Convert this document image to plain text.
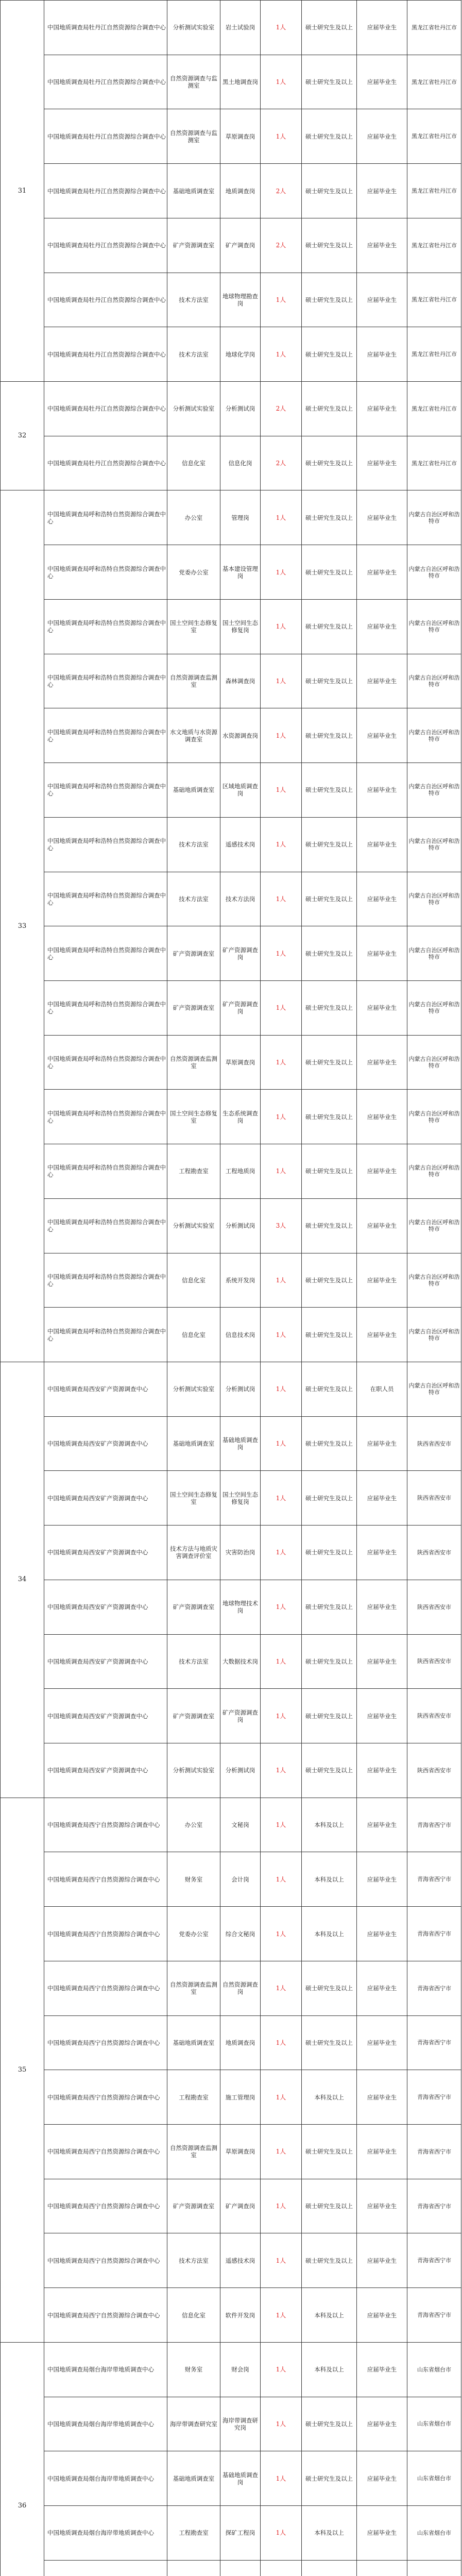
31	中国地质调查局牡丹江自然资源综合调查中心	分析测试实验室	岩土试验岗	1人	硕士研究生及以上	应届毕业生	黑龙江省牡丹江市
	中国地质调查局牡丹江自然资源综合调查中心	自然资源调查与监测室	黑土地调查岗	1人	硕士研究生及以上	应届毕业生	黑龙江省牡丹江市
	中国地质调查局牡丹江自然资源综合调查中心	自然资源调查与监测室	草原调查岗	1人	硕士研究生及以上	应届毕业生	黑龙江省牡丹江市
	中国地质调查局牡丹江自然资源综合调查中心	基础地质调查室	地质调查岗	2人	硕士研究生及以上	应届毕业生	黑龙江省牡丹江市
	中国地质调查局牡丹江自然资源综合调查中心	矿产资源调查室	矿产调查岗	2人	硕士研究生及以上	应届毕业生	黑龙江省牡丹江市
	中国地质调查局牡丹江自然资源综合调查中心	技术方法室	地球物理勘查岗	1人	硕士研究生及以上	应届毕业生	黑龙江省牡丹江市
	中国地质调查局牡丹江自然资源综合调查中心	技术方法室	地球化学岗	1人	硕士研究生及以上	应届毕业生	黑龙江省牡丹江市
32	中国地质调查局牡丹江自然资源综合调查中心	分析测试实验室	分析测试岗	2人	硕士研究生及以上	应届毕业生	黑龙江省牡丹江市
	中国地质调查局牡丹江自然资源综合调查中心	信息化室	信息化岗	2人	硕士研究生及以上	应届毕业生	黑龙江省牡丹江市
33	中国地质调查局呼和浩特自然资源综合调查中心	办公室	管理岗	1人	硕士研究生及以上	应届毕业生	内蒙古自治区呼和浩特市
	中国地质调查局呼和浩特自然资源综合调查中心	党委办公室	基本建设管理岗	1人	硕士研究生及以上	应届毕业生	内蒙古自治区呼和浩特市
	中国地质调查局呼和浩特自然资源综合调查中心	国土空间生态修复室	国土空间生态修复岗	1人	硕士研究生及以上	应届毕业生	内蒙古自治区呼和浩特市
	中国地质调查局呼和浩特自然资源综合调查中心	自然资源调查监测室	森林调查岗	1人	硕士研究生及以上	应届毕业生	内蒙古自治区呼和浩特市
	中国地质调查局呼和浩特自然资源综合调查中心	水文地质与水资源调查室	水资源调查岗	1人	硕士研究生及以上	应届毕业生	内蒙古自治区呼和浩特市
	中国地质调查局呼和浩特自然资源综合调查中心	基础地质调查室	区域地质调查岗	1人	硕士研究生及以上	应届毕业生	内蒙古自治区呼和浩特市
	中国地质调查局呼和浩特自然资源综合调查中心	技术方法室	遥感技术岗	1人	硕士研究生及以上	应届毕业生	内蒙古自治区呼和浩特市
	中国地质调查局呼和浩特自然资源综合调查中心	技术方法室	技术方法岗	1人	硕士研究生及以上	应届毕业生	内蒙古自治区呼和浩特市
	中国地质调查局呼和浩特自然资源综合调查中心	矿产资源调查室	矿产资源调查岗	1人	硕士研究生及以上	应届毕业生	内蒙古自治区呼和浩特市
	中国地质调查局呼和浩特自然资源综合调查中心	矿产资源调查室	矿产资源调查岗	1人	硕士研究生及以上	应届毕业生	内蒙古自治区呼和浩特市
	中国地质调查局呼和浩特自然资源综合调查中心	自然资源调查监测室	草原调查岗	1人	硕士研究生及以上	应届毕业生	内蒙古自治区呼和浩特市
	中国地质调查局呼和浩特自然资源综合调查中心	国土空间生态修复室	生态系统调查岗	1人	硕士研究生及以上	应届毕业生	内蒙古自治区呼和浩特市
	中国地质调查局呼和浩特自然资源综合调查中心	工程勘查室	工程地质岗	1人	硕士研究生及以上	应届毕业生	内蒙古自治区呼和浩特市
	中国地质调查局呼和浩特自然资源综合调查中心	分析测试实验室	分析测试岗	3人	硕士研究生及以上	应届毕业生	内蒙古自治区呼和浩特市
	中国地质调查局呼和浩特自然资源综合调查中心	信息化室	系统开发岗	1人	硕士研究生及以上	应届毕业生	内蒙古自治区呼和浩特市
	中国地质调查局呼和浩特自然资源综合调查中心	信息化室	信息技术岗	1人	硕士研究生及以上	应届毕业生	内蒙古自治区呼和浩特市
34	中国地质调查局西安矿产资源调查中心	分析测试实验室	分析测试岗	1人	硕士研究生及以上	在职人员	内蒙古自治区呼和浩特市
	中国地质调查局西安矿产资源调查中心	基础地质调查室	基础地质调查岗	1人	硕士研究生及以上	应届毕业生	陕西省西安市
	中国地质调查局西安矿产资源调查中心	国土空间生态修复室	国土空间生态修复岗	1人	硕士研究生及以上	应届毕业生	陕西省西安市
	中国地质调查局西安矿产资源调查中心	技术方法与地质灾害调查评价室	灾害防治岗	1人	硕士研究生及以上	应届毕业生	陕西省西安市
	中国地质调查局西安矿产资源调查中心	矿产资源调查室	地球物理技术岗	1人	硕士研究生及以上	应届毕业生	陕西省西安市
	中国地质调查局西安矿产资源调查中心	技术方法室	大数据技术岗	1人	硕士研究生及以上	应届毕业生	陕西省西安市
	中国地质调查局西安矿产资源调查中心	矿产资源调查室	矿产资源调查岗	1人	硕士研究生及以上	应届毕业生	陕西省西安市
	中国地质调查局西安矿产资源调查中心	分析测试实验室	分析测试岗	1人	硕士研究生及以上	应届毕业生	陕西省西安市
35	中国地质调查局西宁自然资源综合调查中心	办公室	文秘岗	1人	本科及以上	应届毕业生	青海省西宁市
	中国地质调查局西宁自然资源综合调查中心	财务室	会计岗	1人	本科及以上	应届毕业生	青海省西宁市
	中国地质调查局西宁自然资源综合调查中心	党委办公室	综合文秘岗	1人	本科及以上	应届毕业生	青海省西宁市
	中国地质调查局西宁自然资源综合调查中心	自然资源调查监测室	自然资源调查岗	1人	硕士研究生及以上	应届毕业生	青海省西宁市
	中国地质调查局西宁自然资源综合调查中心	基础地质调查室	地质调查岗	1人	硕士研究生及以上	应届毕业生	青海省西宁市
	中国地质调查局西宁自然资源综合调查中心	工程勘查室	施工管理岗	1人	本科及以上	应届毕业生	青海省西宁市
	中国地质调查局西宁自然资源综合调查中心	自然资源调查监测室	草原调查岗	1人	硕士研究生及以上	应届毕业生	青海省西宁市
	中国地质调查局西宁自然资源综合调查中心	矿产资源调查室	矿产调查岗	1人	硕士研究生及以上	应届毕业生	青海省西宁市
	中国地质调查局西宁自然资源综合调查中心	技术方法室	遥感技术岗	1人	硕士研究生及以上	应届毕业生	青海省西宁市
	中国地质调查局西宁自然资源综合调查中心	信息化室	软件开发岗	1人	本科及以上	应届毕业生	青海省西宁市
36	中国地质调查局烟台海岸带地质调查中心	财务室	财会岗	1人	本科及以上	应届毕业生	山东省烟台市
	中国地质调查局烟台海岸带地质调查中心	海岸带调查研究室	海岸带调查研究岗	1人	硕士研究生及以上	应届毕业生	山东省烟台市
	中国地质调查局烟台海岸带地质调查中心	基础地质调查室	基础地质调查岗	1人	硕士研究生及以上	应届毕业生	山东省烟台市
	中国地质调查局烟台海岸带地质调查中心	工程勘查室	探矿工程岗	1人	本科及以上	应届毕业生	山东省烟台市
